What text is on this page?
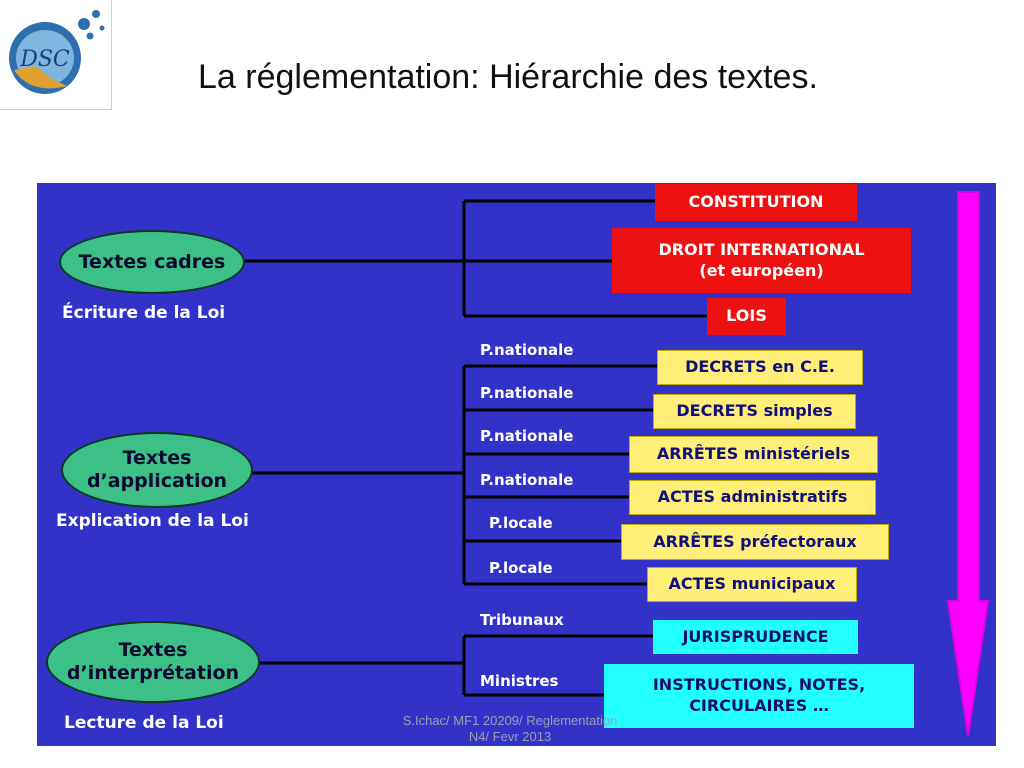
DSC	La réglementation: Hiérarchie des textes.
Textes cadres
Écriture de la Loi
Textes
d’application
Explication de la Loi
Textes
d’interprétation
Lecture de la Loi
P.nationale
P.nationale
P.nationale
P.nationale
P.locale
P.locale
Tribunaux
Ministres
CONSTITUTION
DROIT INTERNATIONAL
(et européen)
LOIS
DECRETS en C.E.
DECRETS simples
ARRÊTES ministériels
ACTES administratifs
ARRÊTES préfectoraux
ACTES municipaux
JURISPRUDENCE
INSTRUCTIONS, NOTES,
CIRCULAIRES …
S.Ichac/ MF1 20209/ Reglementation
N4/ Fevr 2013
